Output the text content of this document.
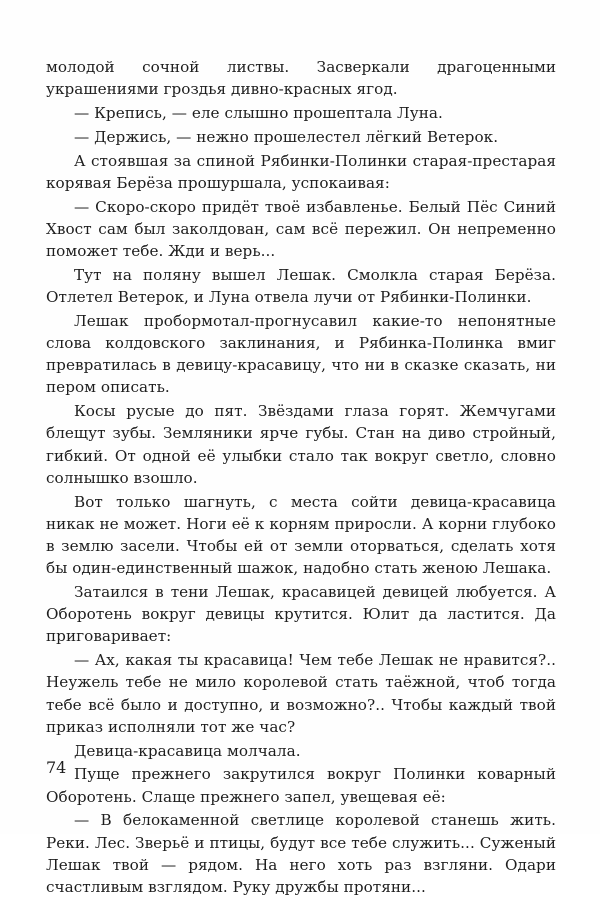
молодой сочной листвы. Засверкали драгоценными украшениями гроздья дивно-красных ягод.

— Крепись, — еле слышно прошептала Луна.

— Держись, — нежно прошелестел лёгкий Ветерок.

А стоявшая за спиной Рябинки-Полинки старая-престарая корявая Берёза прошуршала, успокаивая:

— Скоро-скоро придёт твоё избавленье. Белый Пёс Синий Хвост сам был заколдован, сам всё пережил. Он непременно поможет тебе. Жди и верь...

Тут на поляну вышел Лешак. Смолкла старая Берёза. Отлетел Ветерок, и Луна отвела лучи от Рябинки-Полинки.

Лешак пробормотал-прогнусавил какие-то непонятные слова колдовского заклинания, и Рябинка-Полинка вмиг превратилась в девицу-красавицу, что ни в сказке сказать, ни пером описать.

Косы русые до пят. Звёздами глаза горят. Жемчугами блещут зубы. Земляники ярче губы. Стан на диво стройный, гибкий. От одной её улыбки стало так вокруг светло, словно солнышко взошло.

Вот только шагнуть, с места сойти девица-красавица никак не может. Ноги её к корням приросли. А корни глубоко в землю засели. Чтобы ей от земли оторваться, сделать хотя бы один-единственный шажок, надобно стать женою Лешака.

Затаился в тени Лешак, красавицей девицей любуется. А Оборотень вокруг девицы крутится. Юлит да ластится. Да приговаривает:

— Ах, какая ты красавица! Чем тебе Лешак не нравится?.. Неужель тебе не мило королевой стать таёжной, чтоб тогда тебе всё было и доступно, и возможно?.. Чтобы каждый твой приказ исполняли тот же час?

Девица-красавица молчала.

Пуще прежнего закрутился вокруг Полинки коварный Оборотень. Слаще прежнего запел, увещевая её:

— В белокаменной светлице королевой станешь жить. Реки. Лес. Зверьё и птицы, будут все тебе служить... Суженый Лешак твой — рядом. На него хоть раз взгляни. Одари счастливым взглядом. Руку дружбы протяни...

74
